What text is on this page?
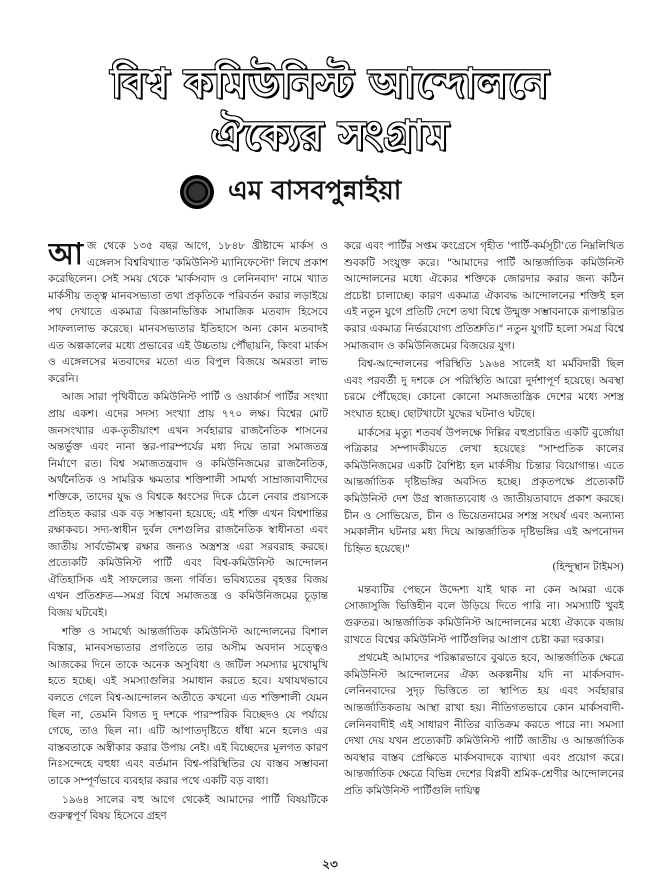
বিশ্ব কমিউনিস্ট আন্দোলনে
ঐক্যের সংগ্রাম
এম বাসবপুন্নাইয়া

আজ থেকে ১৩৫ বছর আগে, ১৮৪৮ খ্রীষ্টাব্দে মার্কস ও এঙ্গেলস বিশ্ববিখ্যাত 'কমিউনিস্ট ম্যানিফেস্টো' লিখে প্রকাশ করেছিলেন। সেই সময় থেকে 'মার্কসবাদ ও লেনিনবাদ' নামে খ্যাত মার্কসীয় তত্ত্ব মানবসভ্যতা তথা প্রকৃতিকে পরিবর্তন করার লড়াইয়ে পথ দেখাতে একমাত্র বিজ্ঞানভিত্তিক সামাজিক মতবাদ হিসেবে সাফল্যলাভ করেছে। মানবসভ্যতার ইতিহাসে অন্য কোন মতবাদই এত অল্পকালের মধ্যে প্রভাবের এই উচ্চতায় পৌঁছায়নি, কিংবা মার্কস ও এঙ্গেলসের মতবাদের মতো এত বিপুল বিজয়ে অমরতা লাভ করেনি।

আজ সারা পৃথিবীতে কমিউনিস্ট পার্টি ও ওয়ার্কার্স পার্টির সংখ্যা প্রায় একশ। এদের সদস্য সংখ্যা প্রায় ৭৭০ লক্ষ। বিশ্বের মোট জনসংখ্যার এক-তৃতীয়াংশ এখন সর্বহারার রাজনৈতিক শাসনের অন্তর্ভুক্ত এবং নানা স্তর-পারম্পর্যের মধ্য দিয়ে তারা সমাজতন্ত্র নির্মাণে রত। বিশ্ব সমাজতন্ত্রবাদ ও কমিউনিজমের রাজনৈতিক, অর্থনৈতিক ও সামরিক ক্ষমতার শক্তিশালী সামর্থ্য সাম্রাজ্যবাদীদের শক্তিকে, তাদের যুদ্ধ ও বিশ্বকে ধ্বংসের দিকে ঠেলে নেবার প্রয়াসকে প্রতিহত করার এক বড় সম্ভাবনা হয়েছে; এই শক্তি এখন বিশ্বশান্তির রক্ষাকবচ। সদ্য-স্বাধীন দুর্বল দেশগুলির রাজনৈতিক স্বাধীনতা এবং জাতীয় সার্বভৌমত্ব রক্ষার জন্যও অস্ত্রশস্ত্র এরা সরবরাহ করছে। প্রত্যেকটি কমিউনিস্ট পার্টি এবং বিশ্ব-কমিউনিস্ট আন্দোলন ঐতিহাসিক এই সাফল্যের জন্য গর্বিত। ভবিষ্যতের বৃহত্তর বিজয় এখন প্রতিশ্রুত—সমগ্র বিশ্বে সমাজতন্ত্র ও কমিউনিজমের চূড়ান্ত বিজয় ঘটবেই।

শক্তি ও সামর্থ্যে আন্তর্জাতিক কমিউনিস্ট আন্দোলনের বিশাল বিস্তার, মানবসভ্যতার প্রগতিতে তার অসীম অবদান সত্ত্বেও আজকের দিনে তাকে অনেক অসুবিধা ও জটিল সমস্যার মুখোমুখি হতে হচ্ছে। এই সমস্যাগুলির সমাধান করতে হবে। যথাযথভাবে বলতে গেলে বিশ্ব-আন্দোলন অতীতে কখনো এত শক্তিশালী যেমন ছিল না, তেমনি বিগত দু দশকে পারস্পরিক বিচ্ছেদও যে পর্যায়ে গেছে, তাও ছিল না। এটি আপাতদৃষ্টিতে ধাঁধা মনে হলেও এর বাস্তবতাকে অস্বীকার করার উপায় নেই। এই বিচ্ছেদের মূলগত কারণ নিঃসন্দেহে বহুধা এবং বর্তমান বিশ্ব-পরিস্থিতির যে বাস্তব সম্ভাবনা তাকে সম্পূর্ণভাবে ব্যবহার করার পথে একটি বড় বাধা।

১৯৬৪ সালের বহু আগে থেকেই আমাদের পার্টি বিষয়টিকে গুরুত্বপূর্ণ বিষয় হিসেবে গ্রহণ

করে এবং পার্টির সপ্তম কংগ্রেসে গৃহীত 'পার্টি-কর্মসূচী'তে নিম্নলিখিত শুবকটি সংযুক্ত করে। "আমাদের পার্টি আন্তর্জাতিক কমিউনিস্ট আন্দোলনের মধ্যে ঐক্যের শক্তিকে জোরদার করার জন্য কঠিন প্রচেষ্টা চালাচ্ছে। কারণ একমাত্র ঐক্যবদ্ধ আন্দোলনের শক্তিই হল এই নতুন যুগে প্রতিটি দেশে তথা বিশ্বে উন্মুক্ত সম্ভাবনাকে রূপান্তরিত করার একমাত্র নির্ভরযোগ্য প্রতিশ্রুতি।" নতুন যুগটি হলো সমগ্র বিশ্বে সমাজবাদ ও কমিউনিজমের বিজয়ের যুগ।

বিশ্ব-আন্দোলনের পরিস্থিতি ১৯৬৪ সালেই যা মর্মবিদারী ছিল এবং পরবর্তী দু দশকে সে পরিস্থিতি আরো দুর্দশাপূর্ণ হয়েছে। অবস্থা চরমে পৌঁছেছে। কোনো কোনো সমাজতান্ত্রিক দেশের মধ্যে সশস্ত্র সংঘাত হচ্ছে। ছোটখাটো যুদ্ধের ঘটনাও ঘটছে।

মার্কসের মৃত্যু শতবর্ষ উপলক্ষে দিল্লির বহুপ্রচারিত একটি বুর্জোয়া পত্রিকার সম্পাদকীয়তে লেখা হয়েছেঃ "সাম্প্রতিক কালের কমিউনিজমের একটি বৈশিষ্ট্য হল মার্কসীয় চিন্তার বিয়োগান্ত। এতে আন্তর্জাতিক দৃষ্টিভঙ্গির অবসিত হচ্ছে। প্রকৃতপক্ষে প্রত্যেকটি কমিউনিস্ট দেশ উগ্র স্বাজাত্যবোধ ও জাতীয়তাবাদে প্রকাশ করছে। চীন ও সোভিয়েত, চীন ও ভিয়েতনামের সশস্ত্র সংঘর্ষ এবং অন্যান্য সমকালীন ঘটনার মধ্য দিয়ে আন্তর্জাতিক দৃষ্টিভঙ্গির এই অপনোদন চিহ্নিত হয়েছে।"

(হিন্দুস্থান টাইমস)

মন্তব্যটির পেছনে উদ্দেশ্য যাই থাক না কেন আমরা একে সোজাসুজি ভিত্তিহীন বলে উড়িয়ে দিতে পারি না। সমস্যাটি খুবই গুরুতর। আন্তর্জাতিক কমিউনিস্ট আন্দোলনের মধ্যে ঐক্যকে বজায় রাখতে বিশ্বের কমিউনিস্ট পার্টিগুলির আপ্রাণ চেষ্টা করা দরকার।

প্রথমেই আমাদের পরিষ্কারভাবে বুঝতে হবে, আন্তর্জাতিক ক্ষেত্রে কমিউনিস্ট আন্দোলনের ঐক্য অকল্পনীয় যদি না মার্কসবাদ-লেনিনবাদের সুদৃঢ় ভিত্তিতে তা স্থাপিত হয় এবং সর্বহারার আন্তর্জাতিকতায় আস্থা রাখা হয়। নীতিগতভাবে কোন মার্কসবাদী-লেনিনবাদীই এই সাধারণ নীতির ব্যতিক্রম করতে পারে না। সমস্যা দেখা দেয় যখন প্রত্যেকটি কমিউনিস্ট পার্টি জাতীয় ও আন্তর্জাতিক অবস্থার বাস্তব প্রেক্ষিতে মার্কসবাদকে ব্যাখ্যা এবং প্রয়োগ করে। আন্তর্জাতিক ক্ষেত্রে বিভিন্ন দেশের বিপ্লবী শ্রমিক-শ্রেণীর আন্দোলনের প্রতি কমিউনিস্ট পার্টিগুলি দায়িত্ব

২৩
